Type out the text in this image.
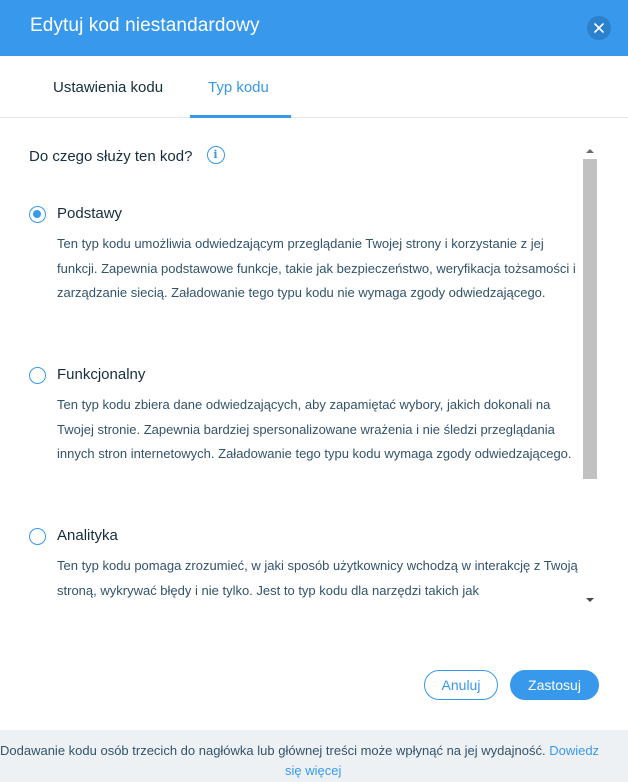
Edytuj kod niestandardowy
Ustawienia kodu	Typ kodu
Do czego służy ten kod?	i
Podstawy
Ten typ kodu umożliwia odwiedzającym przeglądanie Twojej strony i korzystanie z jej funkcji. Zapewnia podstawowe funkcje, takie jak bezpieczeństwo, weryfikacja tożsamości i zarządzanie siecią. Załadowanie tego typu kodu nie wymaga zgody odwiedzającego.
Funkcjonalny
Ten typ kodu zbiera dane odwiedzających, aby zapamiętać wybory, jakich dokonali na Twojej stronie. Zapewnia bardziej spersonalizowane wrażenia i nie śledzi przeglądania innych stron internetowych. Załadowanie tego typu kodu wymaga zgody odwiedzającego.
Analityka
Ten typ kodu pomaga zrozumieć, w jaki sposób użytkownicy wchodzą w interakcję z Twoją stroną, wykrywać błędy i nie tylko. Jest to typ kodu dla narzędzi takich jak
Anuluj	Zastosuj
Dodawanie kodu osób trzecich do nagłówka lub głównej treści może wpłynąć na jej wydajność. Dowiedz
się więcej
